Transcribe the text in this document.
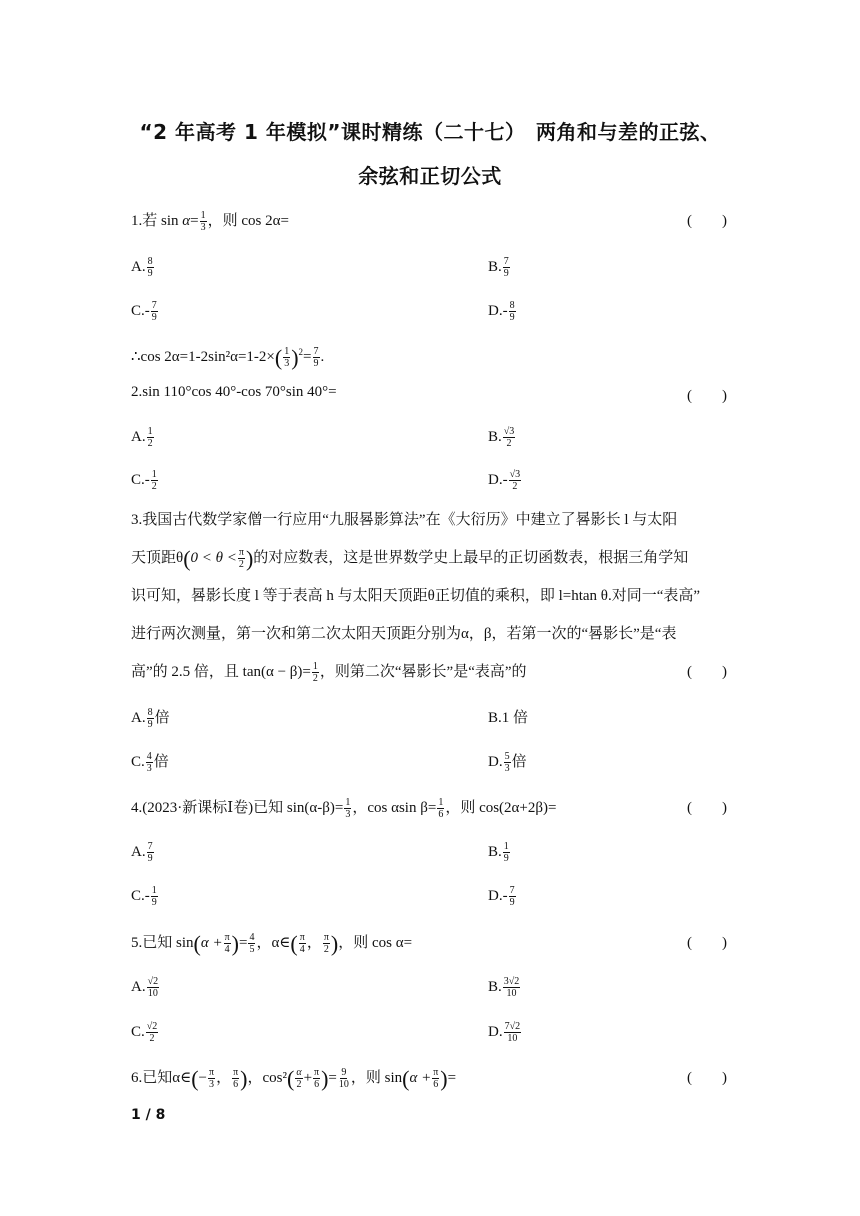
“2 年高考 1 年模拟”课时精练（二十七）　两角和与差的正弦、
余弦和正切公式
1.若 $\sin \alpha= \frac{1}{3}$ ，则 cos 2α=	(　　)
A. $\frac{8}{9}$	B. $\frac{7}{9}$
$C.- \frac{7}{9}$	$D.- \frac{8}{9}$
∴cos $2\alpha=1-2\sin^2\alpha=1-2\times( \frac{1}{3} )^2= \frac{7}{9}$ .
2.sin 110°cos 40°-cos 70°sin 40°=	(　　)
A. $\frac{1}{2}$	B. $\frac{√3}{2}$
$C.- \frac{1}{2}$	$D.- \frac{√3}{2}$
3.我国古代数学家僧一行应用“九服晷影算法”在《大衍历》中建立了晷影长 l 与太阳
天顶距$\theta(0 < \theta < \frac{\pi}{2}$ )的对应数表，这是世界数学史上最早的正切函数表，根据三角学知
识可知，晷影长度 l 等于表高 h 与太阳天顶距θ正切值的乘积，即 l=htan θ.对同一“表高”
进行两次测量，第一次和第二次太阳天顶距分别为α，β，若第一次的“晷影长”是“表
高”的 2.5 倍，且 $\tan(\alpha - \beta)= \frac{1}{2}$ ，则第二次“晷影长”是“表高”的	(　　)
A. $\frac{8}{9}$ 倍	B.1 倍
C. $\frac{4}{3}$ 倍	D. $\frac{5}{3}$ 倍
4.(2023·新课标Ⅰ卷)已知 $\sin(\alpha-\beta)= \frac{1}{3}$ ，cos αsin $\beta= \frac{1}{6}$ ，则 cos(2α+2β)=	(　　)
A. $\frac{7}{9}$	B. $\frac{1}{9}$
$C.- \frac{1}{9}$	$D.- \frac{7}{9}$
5.已知 $\sin(\alpha + \frac{\pi}{4}$ )= $\frac{4}{5}$ ，α∈( $\frac{\pi}{4}$ ， $\frac{\pi}{2}$ )，则 cos α=	(　　)
A. $\frac{√2}{10}$	B. $\frac{3√2}{10}$
C. $\frac{√2}{2}$	D. $\frac{7√2}{10}$
6.已知α∈(− $\frac{\pi}{3}$ ， $\frac{\pi}{6}$ )，$\cos^2( \frac{\alpha}{2} + \frac{\pi}{6}$ )= $\frac{9}{10}$ ，则 $\sin(\alpha + \frac{\pi}{6}$ )=	(　　)
1 / 8
